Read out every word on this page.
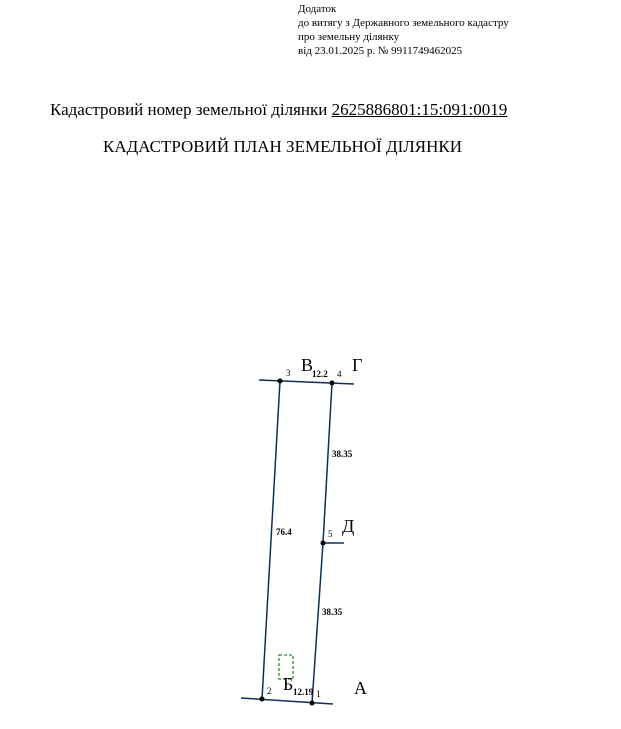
Додаток
до витягу з Державного земельного кадастру
про земельну ділянку
від 23.01.2025 р. № 9911749462025
Кадастровий номер земельної ділянки 2625886801:15:091:0019
КАДАСТРОВИЙ ПЛАН ЗЕМЕЛЬНОЇ ДІЛЯНКИ
3	4
5
2	1
В Г
Д
Б	А
12.2
38.35
76.4
38.35
12.19
